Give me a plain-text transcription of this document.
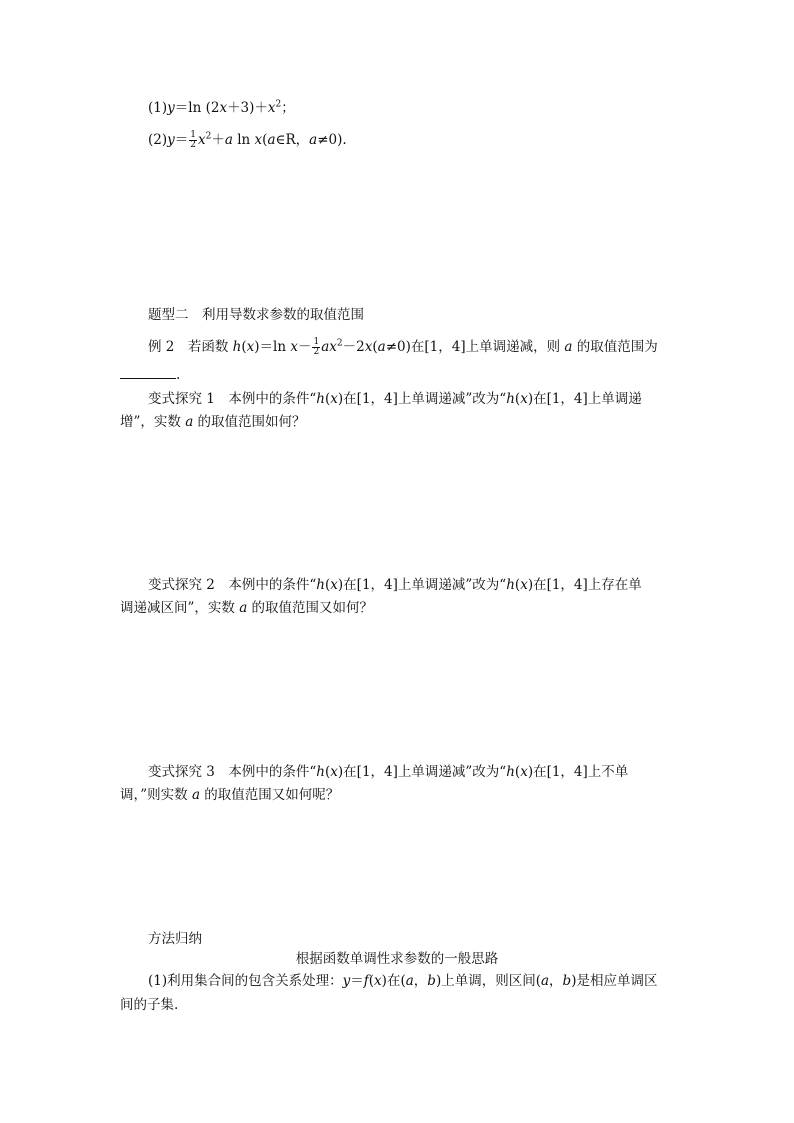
(1)y＝ln $(2x+3)+x^2$；
$(2)y= \frac{1}{2} x^2+a$ ln x(a∈R，a≠0).
题型二　利用导数求参数的取值范围
例 2　若函数 h(x)＝ln $x- \frac{1}{2} ax^2-2x(a\ne 0)$在[1，4]上单调递减，则 a 的取值范围为
.
变式探究 1　本例中的条件“h(x)在[1，4]上单调递减”改为“h(x)在[1，4]上单调递
增”，实数 a 的取值范围如何？
变式探究 2　本例中的条件“h(x)在[1，4]上单调递减”改为“h(x)在[1，4]上存在单
调递减区间”，实数 a 的取值范围又如何？
变式探究 3　本例中的条件“h(x)在[1，4]上单调递减”改为“h(x)在[1，4]上不单
调，”则实数 a 的取值范围又如何呢？
方法归纳
根据函数单调性求参数的一般思路
(1)利用集合间的包含关系处理：y＝f(x)在(a，b)上单调，则区间(a，b)是相应单调区
间的子集.
